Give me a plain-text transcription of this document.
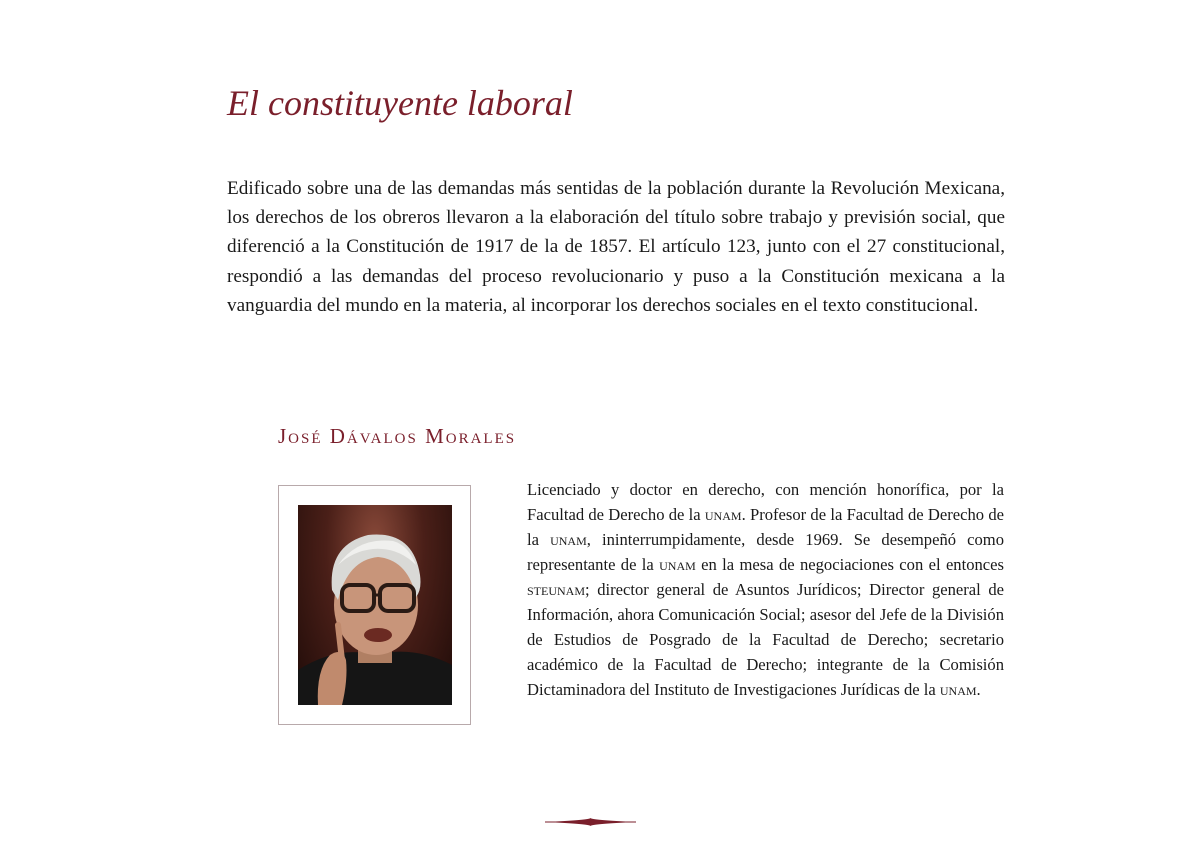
El constituyente laboral

Edificado sobre una de las demandas más sentidas de la población durante la Revolución Mexicana, los derechos de los obreros llevaron a la elaboración del título sobre trabajo y previsión social, que diferenció a la Constitución de 1917 de la de 1857. El artículo 123, junto con el 27 constitucional, respondió a las demandas del proceso revolucionario y puso a la Constitución mexicana a la vanguardia del mundo en la materia, al incorporar los derechos sociales en el texto constitucional.

José Dávalos Morales

Licenciado y doctor en derecho, con mención honorífica, por la Facultad de Derecho de la unam. Profesor de la Facultad de Derecho de la unam, ininterrumpidamente, desde 1969. Se desempeñó como representante de la unam en la mesa de negociaciones con el entonces steunam; director general de Asuntos Jurídicos; Director general de Información, ahora Comunicación Social; asesor del Jefe de la División de Estudios de Posgrado de la Facultad de Derecho; secretario académico de la Facultad de Derecho; integrante de la Comisión Dictaminadora del Instituto de Investigaciones Jurídicas de la unam.
